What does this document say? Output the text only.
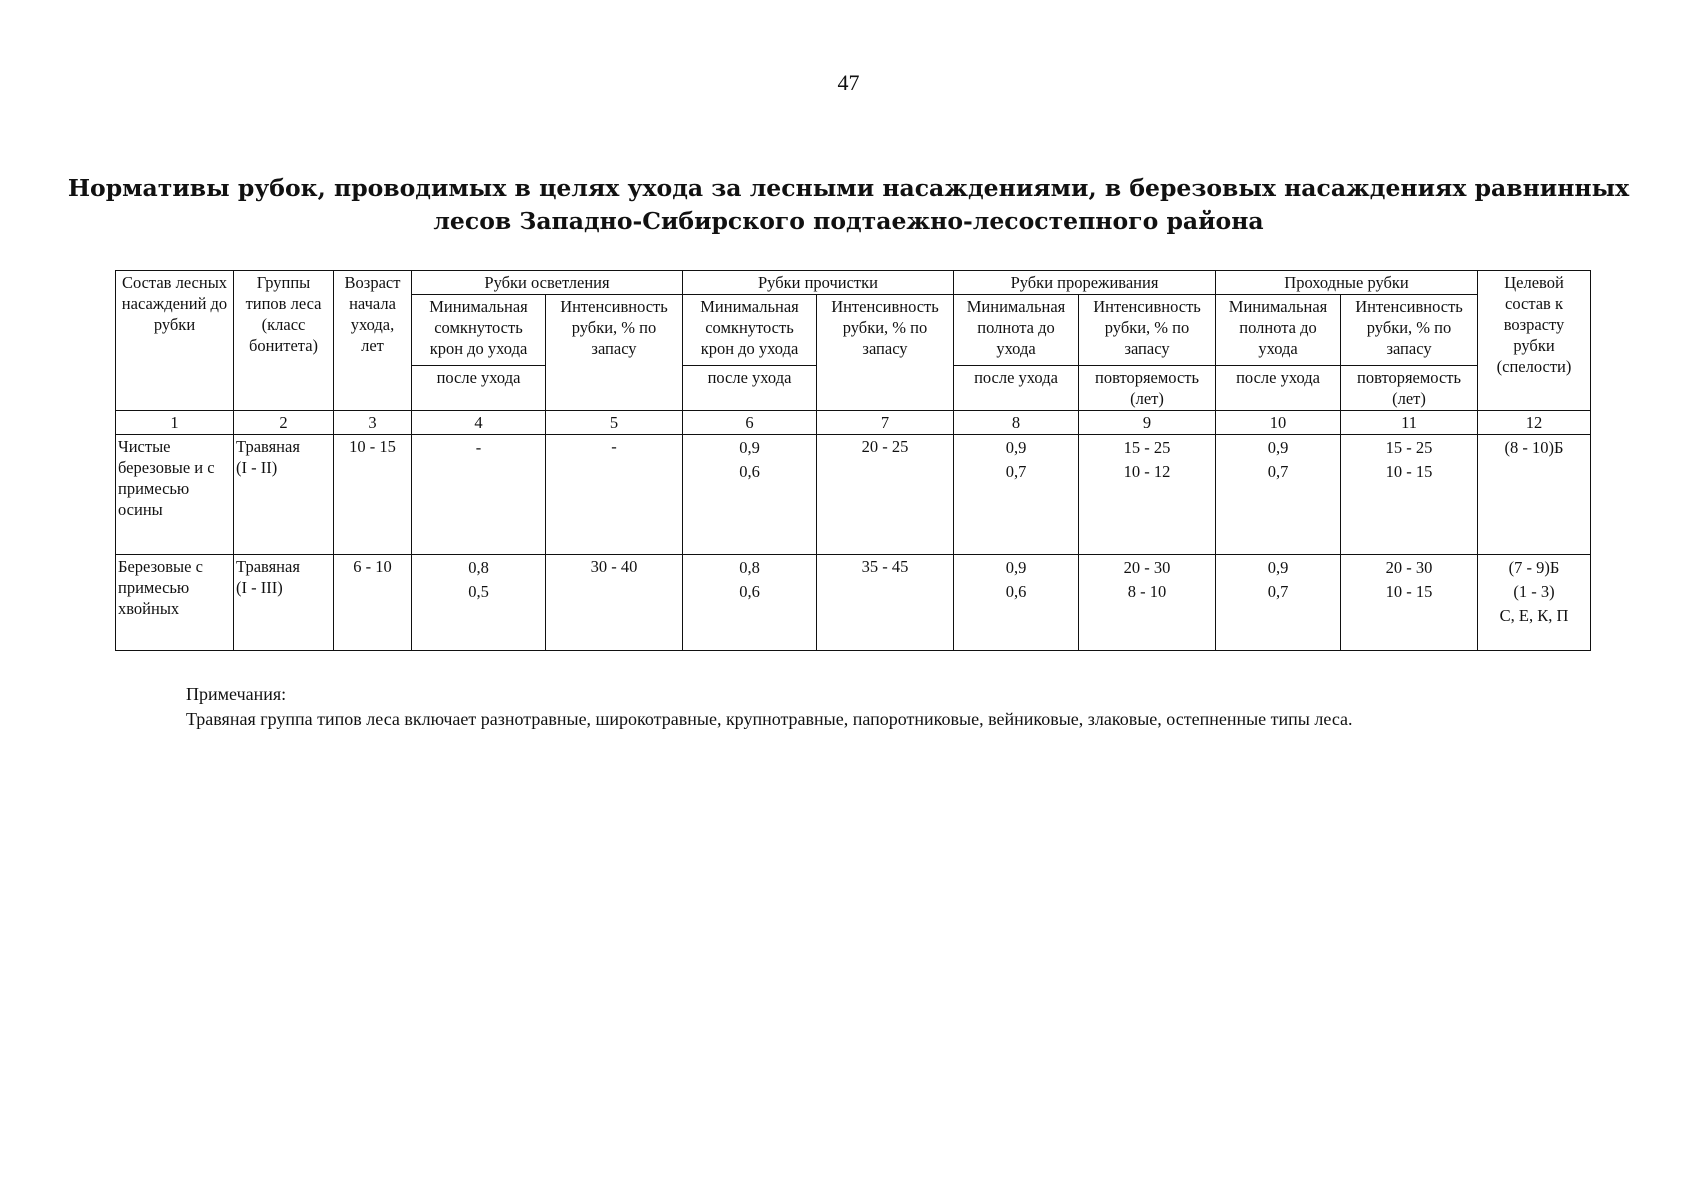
47
Нормативы рубок, проводимых в целях ухода за лесными насаждениями, в березовых насаждениях равнинных
лесов Западно-Сибирского подтаежно-лесостепного района
Состав лесных
насаждений до
рубки	Группы
типов леса
(класс
бонитета)	Возраст
начала
ухода,
лет	Рубки осветления		Рубки прочистки		Рубки прореживания		Проходные рубки		Целевой
состав к
возрасту
рубки
(спелости)

			Минимальная
сомкнутость
крон до ухода	Интенсивность
рубки, % по
запасу	Минимальная
сомкнутость
крон до ухода	Интенсивность
рубки, % по
запасу	Минимальная
полнота до
ухода	Интенсивность
рубки, % по
запасу	Минимальная
полнота до
ухода	Интенсивность
рубки, % по
запасу	

			после ухода		после ухода		после ухода	повторяемость
(лет)	после ухода	повторяемость
(лет)	

1	2	3	4	5	6	7	8	9	10	11	12

Чистые
березовые и с
примесью
осины	Травяная
(I - II)	10 - 15	-	-	0,9
0,6	20 - 25	0,9
0,7	15 - 25
10 - 12	0,9
0,7	15 - 25
10 - 15	(8 - 10)Б

Березовые с
примесью
хвойных	Травяная
(I - III)	6 - 10	0,8
0,5	30 - 40	0,8
0,6	35 - 45	0,9
0,6	20 - 30
8 - 10	0,9
0,7	20 - 30
10 - 15	(7 - 9)Б
(1 - 3)
С, Е, К, П
Примечания:
Травяная группа типов леса включает разнотравные, широкотравные, крупнотравные, папоротниковые, вейниковые, злаковые, остепненные типы леса.
